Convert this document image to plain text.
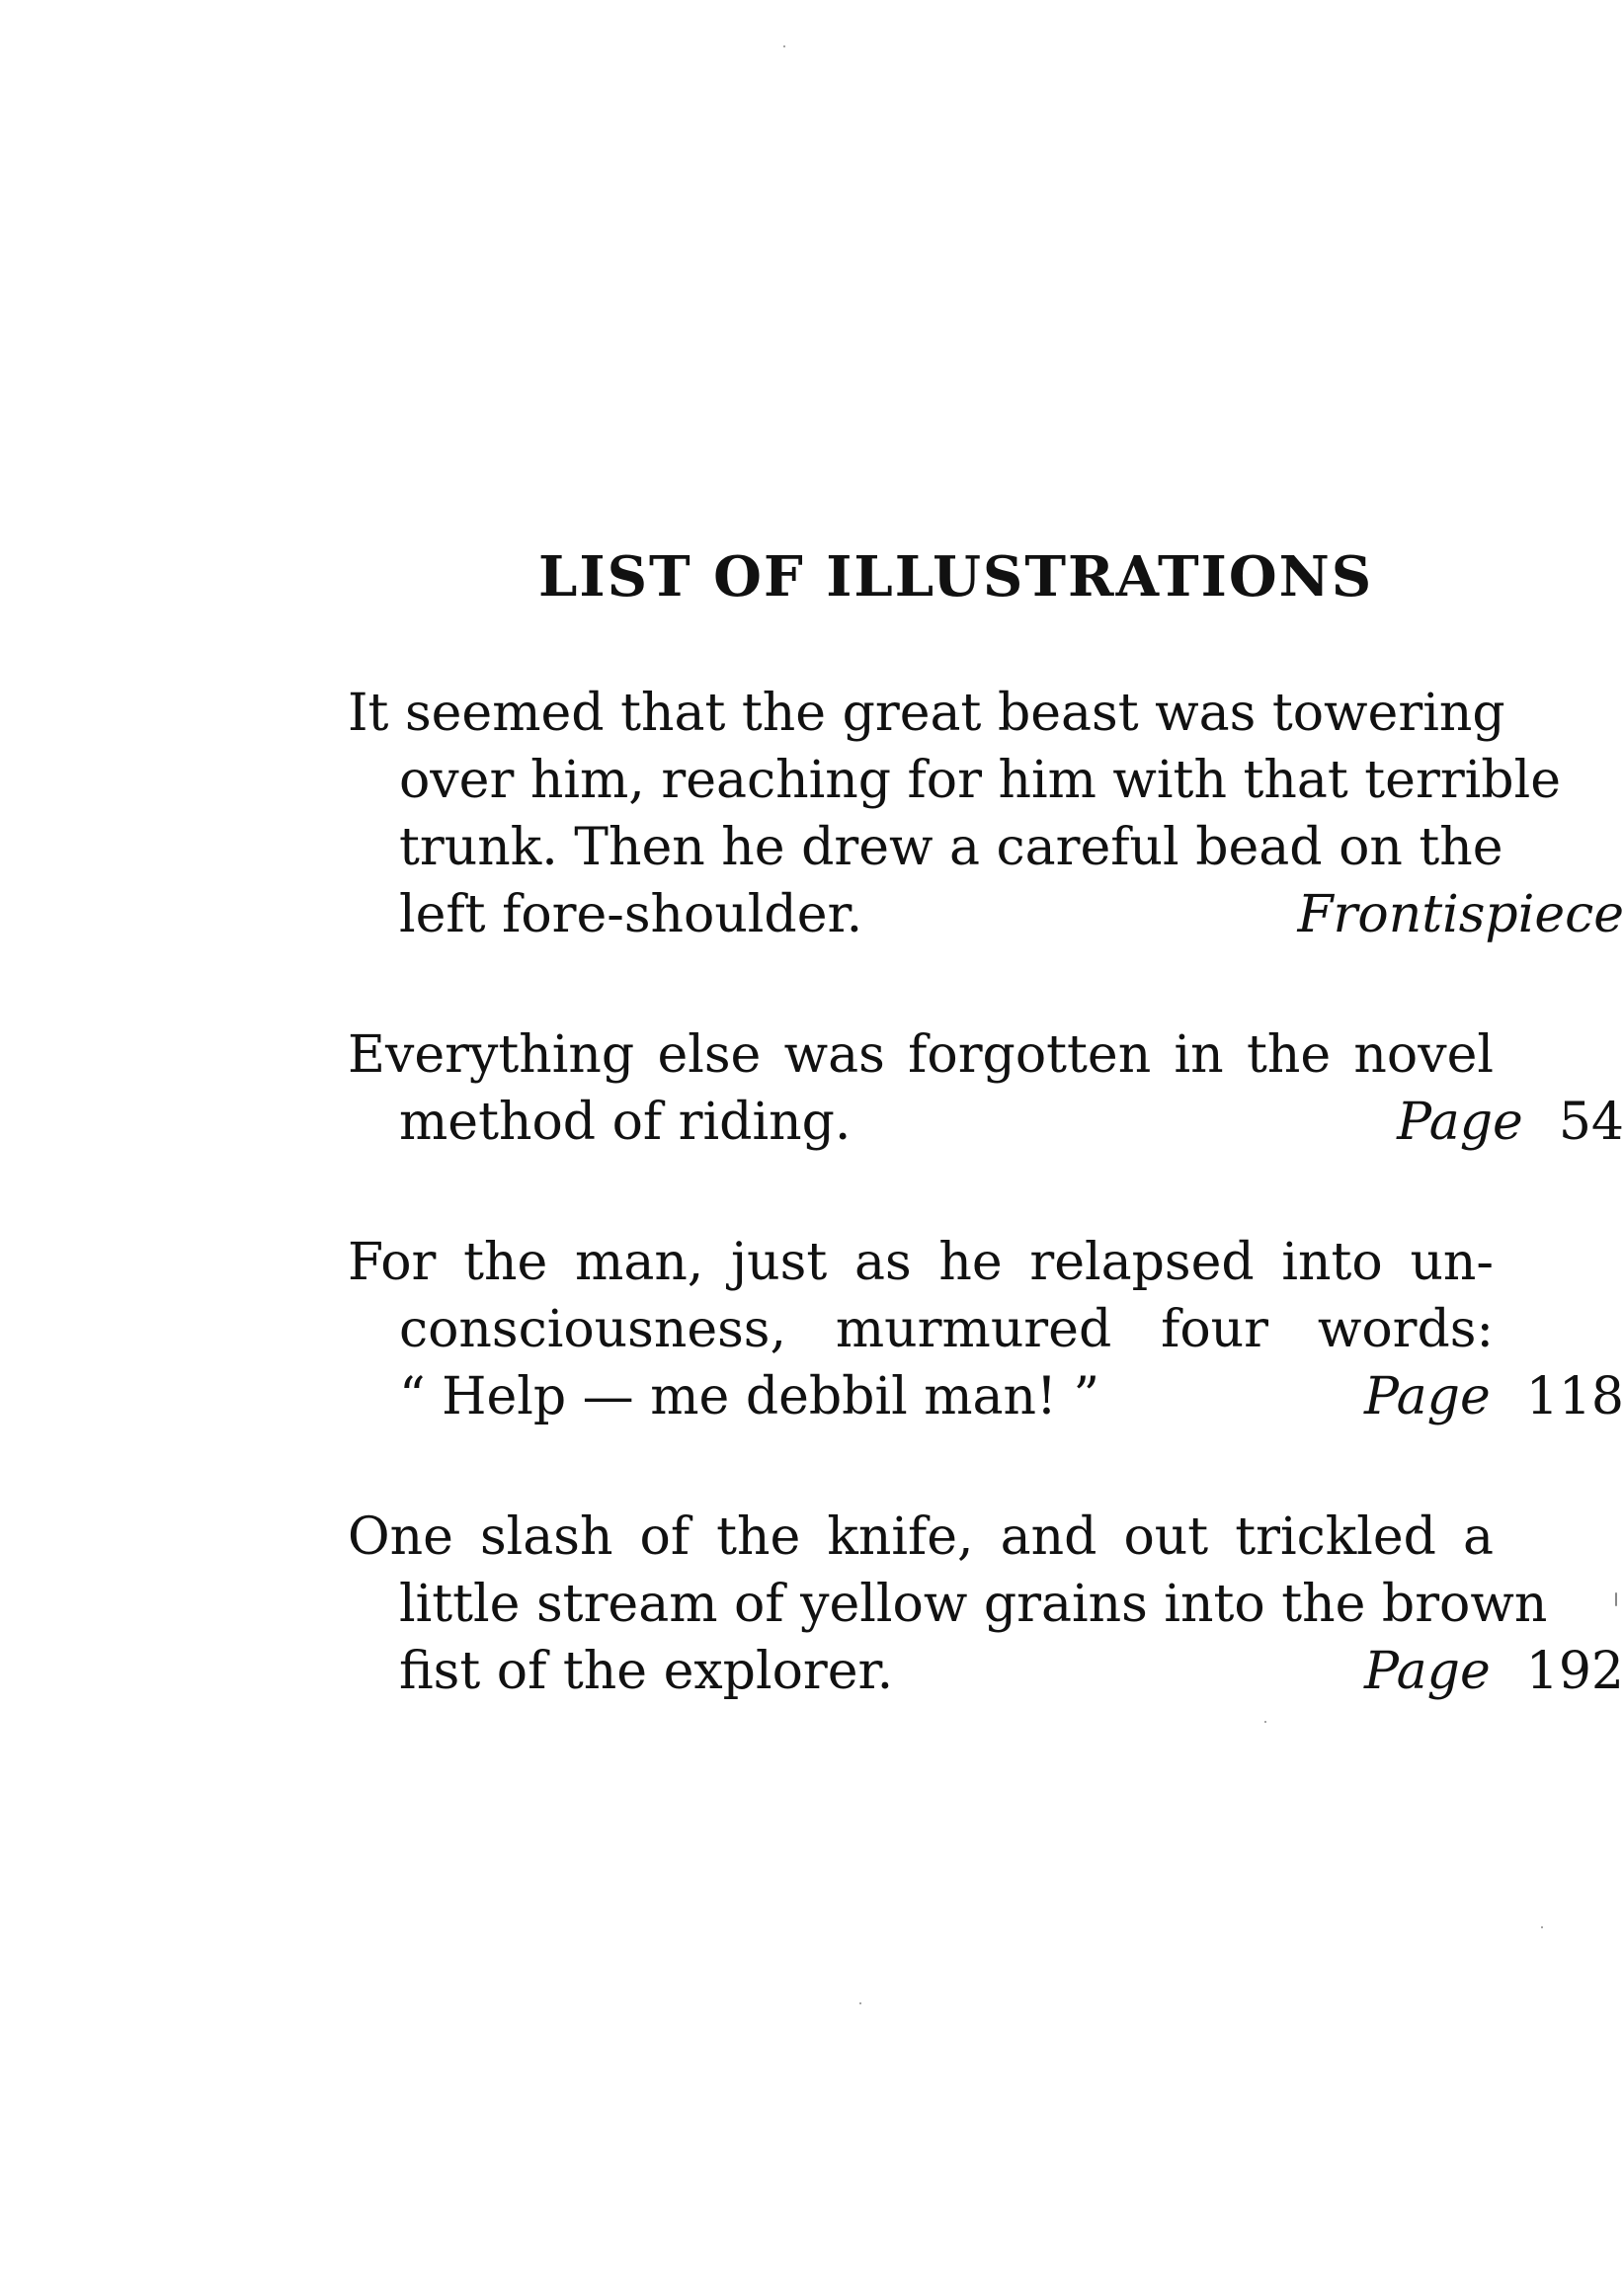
LIST OF ILLUSTRATIONS
It seemed that the great beast was towering
over him, reaching for him with that terrible
trunk. Then he drew a careful bead on the
left fore-shoulder.	Frontispiece
Everything else was forgotten in the novel
method of riding.	Page 54
For the man, just as he relapsed into un-
consciousness, murmured four words:
“ Help — me debbil man! ”	Page 118
One slash of the knife, and out trickled a
little stream of yellow grains into the brown
fist of the explorer.	Page 192
